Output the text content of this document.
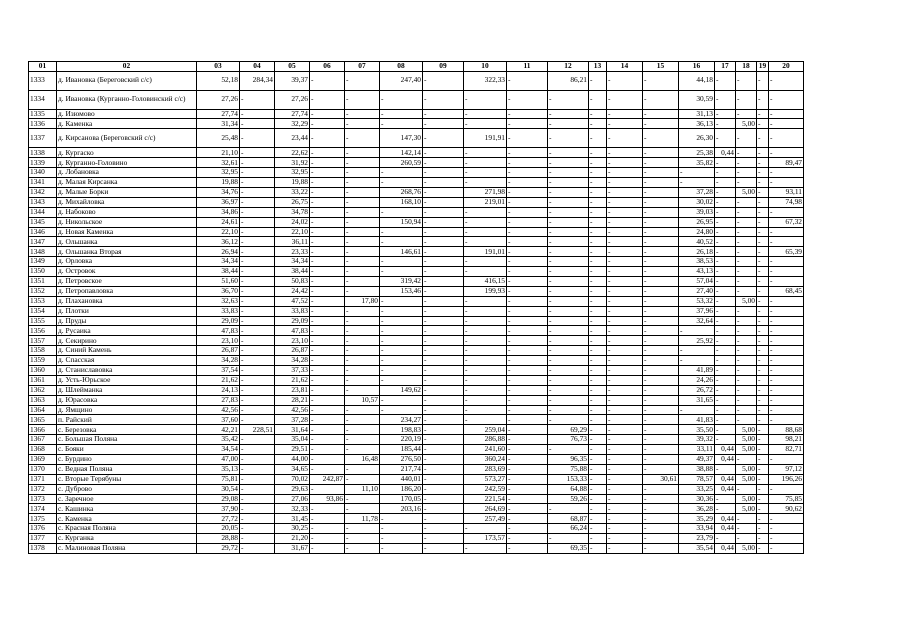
01	02	03	04	05	06	07	08	09	10	11	12	13	14	15	16	17	18	19	20
1333	д. Ивановка (Береговский с/с)	52,18	284,34	39,37	-	-	247,40	-	322,33	-	86,21	-	-	-	44,18	-	-	-	-
1334	д. Ивановка (Курганно-Головинский с/с)	27,26	-	27,26	-	-	-	-	-	-	-	-	-	-	30,59	-	-	-	-
1335	д. Изюмово	27,74	-	27,74	-	-	-	-	-	-	-	-	-	-	31,13	-	-	-	-
1336	д. Каменка	31,34	-	32,29	-	-	-	-	-	-	-	-	-	-	36,13	-	5,00	-	-
1337	д. Кирсанова (Береговский с/с)	25,48	-	23,44	-	-	147,30	-	191,91	-	-	-	-	-	26,30	-	-	-	-
1338	д. Кургаско	21,10	-	22,62	-	-	142,14	-	-	-	-	-	-	-	25,38	0,44	-	-	-
1339	д. Курганно-Головино	32,61	-	31,92	-	-	260,59	-	-	-	-	-	-	-	35,82	-	-	-	89,47
1340	д. Лобановка	32,95	-	32,95	-	-	-	-	-	-	-	-	-	-	-	-	-	-	-
1341	д. Малая Кирсанка	19,88	-	19,88	-	-	-	-	-	-	-	-	-	-	-	-	-	-	-
1342	д. Малые Борки	34,76	-	33,22	-	-	268,76	-	271,98	-	-	-	-	-	37,28	-	5,00	-	93,11
1343	д. Михайловка	36,97	-	26,75	-	-	168,10	-	219,01	-	-	-	-	-	30,02	-	-	-	74,98
1344	д. Набоково	34,86	-	34,78	-	-	-	-	-	-	-	-	-	-	39,03	-	-	-	-
1345	д. Никольское	24,61	-	24,02	-	-	150,94	-	-	-	-	-	-	-	26,95	-	-	-	67,32
1346	д. Новая Каменка	22,10	-	22,10	-	-	-	-	-	-	-	-	-	-	24,80	-	-	-	-
1347	д. Ольшанка	36,12	-	36,11	-	-	-	-	-	-	-	-	-	-	40,52	-	-	-	-
1348	д. Ольшанка Вторая	26,94	-	23,33	-	-	146,61	-	191,01	-	-	-	-	-	26,18	-	-	-	65,39
1349	д. Орловка	34,34	-	34,34	-	-	-	-	-	-	-	-	-	-	38,53	-	-	-	-
1350	д. Островок	38,44	-	38,44	-	-	-	-	-	-	-	-	-	-	43,13	-	-	-	-
1351	д. Петровское	51,60	-	50,83	-	-	319,42	-	416,15	-	-	-	-	-	57,04	-	-	-	-
1352	д. Петропавловка	36,70	-	24,42	-	-	153,46	-	199,93	-	-	-	-	-	27,40	-	-	-	68,45
1353	д. Плахановка	32,63	-	47,52	-	17,80	-	-	-	-	-	-	-	-	53,32	-	5,00	-	-
1354	д. Плотки	33,83	-	33,83	-	-	-	-	-	-	-	-	-	-	37,96	-	-	-	-
1355	д. Пруды	29,09	-	29,09	-	-	-	-	-	-	-	-	-	-	32,64	-	-	-	-
1356	д. Русаика	47,83	-	47,83	-	-	-	-	-	-	-	-	-	-	-	-	-	-	-
1357	д. Секирино	23,10	-	23,10	-	-	-	-	-	-	-	-	-	-	25,92	-	-	-	-
1358	д. Синий Камень	26,87	-	26,87	-	-	-	-	-	-	-	-	-	-	-	-	-	-	-
1359	д. Спасская	34,28	-	34,28	-	-	-	-	-	-	-	-	-	-	-	-	-	-	-
1360	д. Станиславовка	37,54	-	37,33	-	-	-	-	-	-	-	-	-	-	41,89	-	-	-	-
1361	д. Усть-Юрьское	21,62	-	21,62	-	-	-	-	-	-	-	-	-	-	24,26	-	-	-	-
1362	д. Шлейманка	24,13	-	23,81	-	-	149,62	-	-	-	-	-	-	-	26,72	-	-	-	-
1363	д. Юрасовка	27,83	-	28,21	-	10,57	-	-	-	-	-	-	-	-	31,65	-	-	-	-
1364	д. Ямщино	42,56	-	42,56	-	-	-	-	-	-	-	-	-	-	-	-	-	-	-
1365	п. Райский	37,60	-	37,28	-	-	234,27	-	-	-	-	-	-	-	41,83	-	-	-	-
1366	с. Березовка	42,21	228,51	31,64	-	-	198,83	-	259,04	-	69,29	-	-	-	35,50	-	5,00	-	88,68
1367	с. Большая Поляна	35,42	-	35,04	-	-	220,19	-	286,88	-	76,73	-	-	-	39,32	-	5,00	-	98,21
1368	с. Бояки	34,54	-	29,51	-	-	185,44	-	241,60	-	-	-	-	-	33,11	0,44	5,00	-	82,71
1369	с. Бурдино	47,00	-	44,00	-	16,48	276,50	-	360,24	-	96,35	-	-	-	49,37	0,44	-	-	-
1370	с. Ведная Поляна	35,13	-	34,65	-	-	217,74	-	283,69	-	75,88	-	-	-	38,88	-	5,00	-	97,12
1371	с. Вторые Терябуны	75,81	-	70,02	242,87	-	440,01	-	573,27	-	153,33	-	-	30,61	78,57	0,44	5,00	-	196,26
1372	с. Дуброво	30,54	-	29,63	-	11,10	186,20	-	242,59	-	64,88	-	-	-	33,25	0,44	-	-	-
1373	с. Заречное	29,08	-	27,06	93,86	-	170,05	-	221,54	-	59,26	-	-	-	30,36	-	5,00	-	75,85
1374	с. Кашинка	37,90	-	32,33	-	-	203,16	-	264,69	-	-	-	-	-	36,28	-	5,00	-	90,62
1375	с. Каменка	27,72	-	31,45	-	11,78	-	-	257,49	-	68,87	-	-	-	35,29	0,44	-	-	-
1376	с. Красная Поляна	20,05	-	30,25	-	-	-	-	-	-	66,24	-	-	-	33,94	0,44	-	-	-
1377	с. Курганка	28,88	-	21,20	-	-	-	-	173,57	-	-	-	-	-	23,79	-	-	-	-
1378	с. Малиновая Поляна	29,72	-	31,67	-	-	-	-	-	-	69,35	-	-	-	35,54	0,44	5,00	-	-
